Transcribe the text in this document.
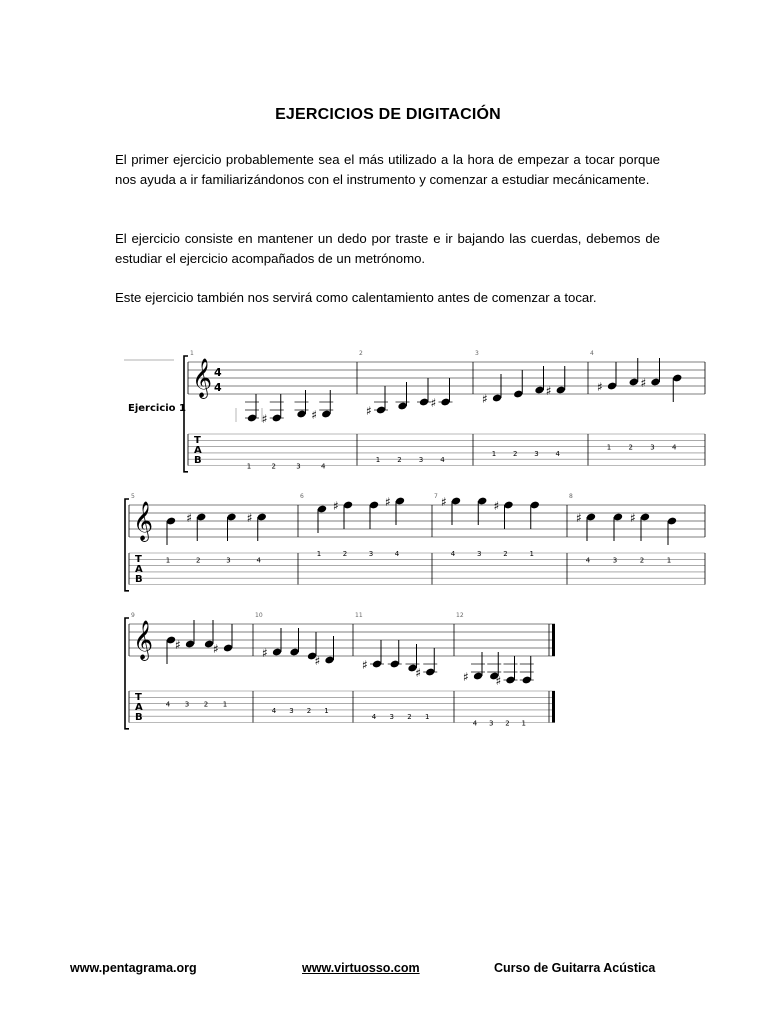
EJERCICIOS DE DIGITACIÓN

El primer ejercicio probablemente sea el más utilizado a la hora de empezar a tocar porque nos ayuda a ir familiarizándonos con el instrumento y comenzar a estudiar mecánicamente.

El ejercicio consiste en mantener un dedo por traste e ir bajando las cuerdas, debemos de estudiar el ejercicio acompañados de un metrónomo.

Este ejercicio también nos servirá como calentamiento antes de comenzar a tocar.

𝄞
T
A
B
Ejercicio 1
4
4
1
♯	♯
1	2	3	4
2
♯
♯
1 2 3 4
3
♯
♯
1 2 3 4
4
♯	♯
1 2 3 4
𝄞
T
A
B
5
♯	♯
1	2	3	4
6
♯	♯
1	2	3	4
7 ♯	♯
4	3	2	1
8
♯	♯
4	3	2	1
𝄞
T
A
B
9
♯	♯
4 3 2 1
10
♯
♯
4 3 2 1
11
♯
♯
4 3 2 1
12
♯ ♯
4 3 2 1
www.pentagrama.org	www.virtuosso.com	Curso de Guitarra Acústica
